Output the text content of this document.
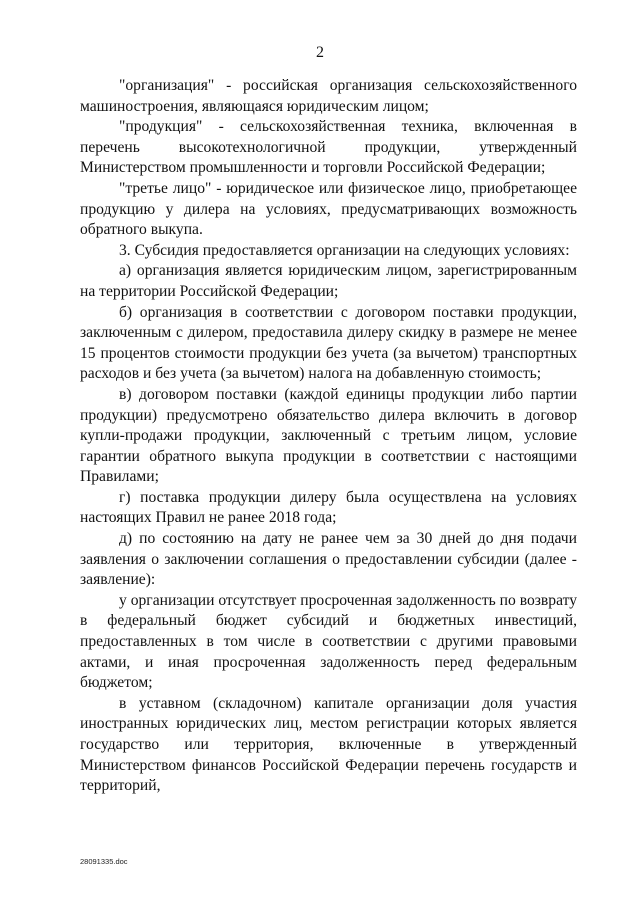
2

"организация" - российская организация сельскохозяйственного машиностроения, являющаяся юридическим лицом;

"продукция" - сельскохозяйственная техника, включенная в перечень высокотехнологичной продукции, утвержденный Министерством промышленности и торговли Российской Федерации;

"третье лицо" - юридическое или физическое лицо, приобретающее продукцию у дилера на условиях, предусматривающих возможность обратного выкупа.

3. Субсидия предоставляется организации на следующих условиях:

а) организация является юридическим лицом, зарегистрированным на территории Российской Федерации;

б) организация в соответствии с договором поставки продукции, заключенным с дилером, предоставила дилеру скидку в размере не менее 15 процентов стоимости продукции без учета (за вычетом) транспортных расходов и без учета (за вычетом) налога на добавленную стоимость;

в) договором поставки (каждой единицы продукции либо партии продукции) предусмотрено обязательство дилера включить в договор купли-продажи продукции, заключенный с третьим лицом, условие гарантии обратного выкупа продукции в соответствии с настоящими Правилами;

г) поставка продукции дилеру была осуществлена на условиях настоящих Правил не ранее 2018 года;

д) по состоянию на дату не ранее чем за 30 дней до дня подачи заявления о заключении соглашения о предоставлении субсидии (далее - заявление):

у организации отсутствует просроченная задолженность по возврату в федеральный бюджет субсидий и бюджетных инвестиций, предоставленных в том числе в соответствии с другими правовыми актами, и иная просроченная задолженность перед федеральным бюджетом;

в уставном (складочном) капитале организации доля участия иностранных юридических лиц, местом регистрации которых является государство или территория, включенные в утвержденный Министерством финансов Российской Федерации перечень государств и территорий,

28091335.doc
